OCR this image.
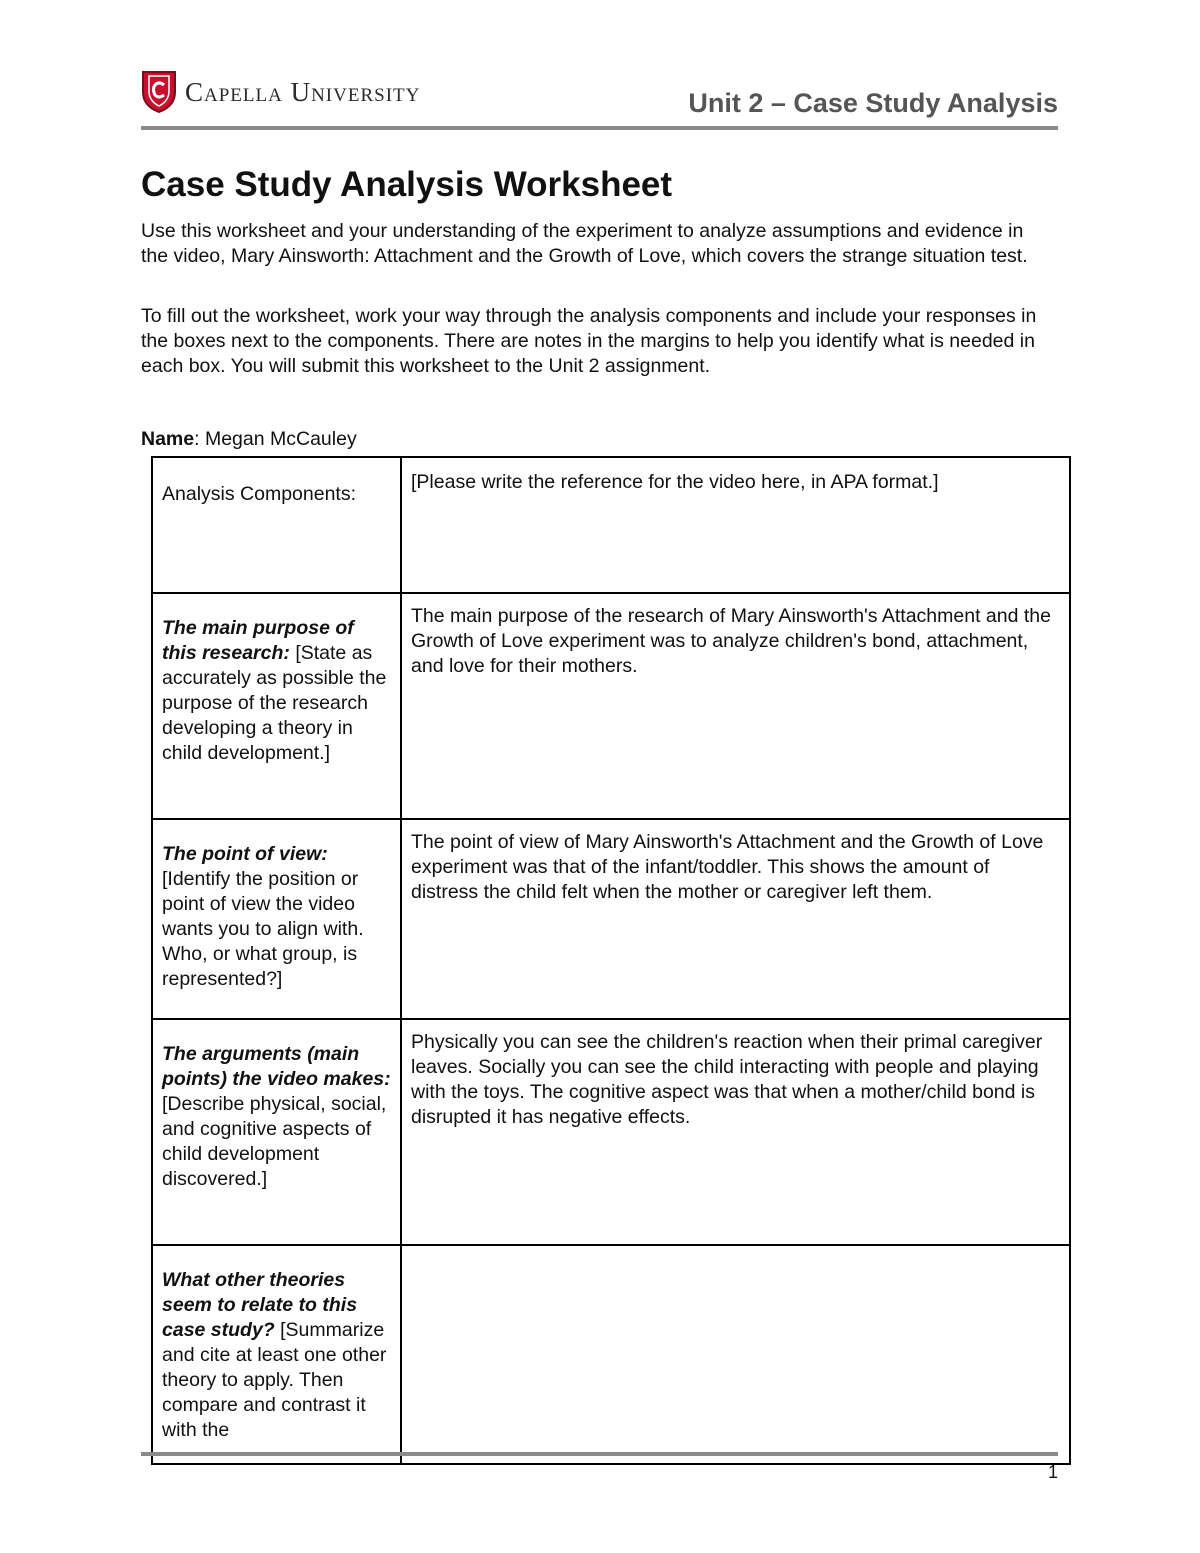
Capella University	Unit 2 – Case Study Analysis
Case Study Analysis Worksheet

Use this worksheet and your understanding of the experiment to analyze assumptions and evidence in the video, Mary Ainsworth: Attachment and the Growth of Love, which covers the strange situation test.

To fill out the worksheet, work your way through the analysis components and include your responses in the boxes next to the components. There are notes in the margins to help you identify what is needed in each box. You will submit this worksheet to the Unit 2 assignment.

Name: Megan McCauley
Analysis Components:	[Please write the reference for the video here, in APA format.]
The main purpose of this research: [State as accurately as possible the purpose of the research developing a theory in child development.]	The main purpose of the research of Mary Ainsworth's Attachment and the Growth of Love experiment was to analyze children's bond, attachment, and love for their mothers.
The point of view: [Identify the position or point of view the video wants you to align with. Who, or what group, is represented?]	The point of view of Mary Ainsworth's Attachment and the Growth of Love experiment was that of the infant/toddler. This shows the amount of distress the child felt when the mother or caregiver left them.
The arguments (main points) the video makes: [Describe physical, social, and cognitive aspects of child development discovered.]	Physically you can see the children's reaction when their primal caregiver leaves. Socially you can see the child interacting with people and playing with the toys. The cognitive aspect was that when a mother/child bond is disrupted it has negative effects.
What other theories seem to relate to this case study? [Summarize and cite at least one other theory to apply. Then compare and contrast it with the	
1
